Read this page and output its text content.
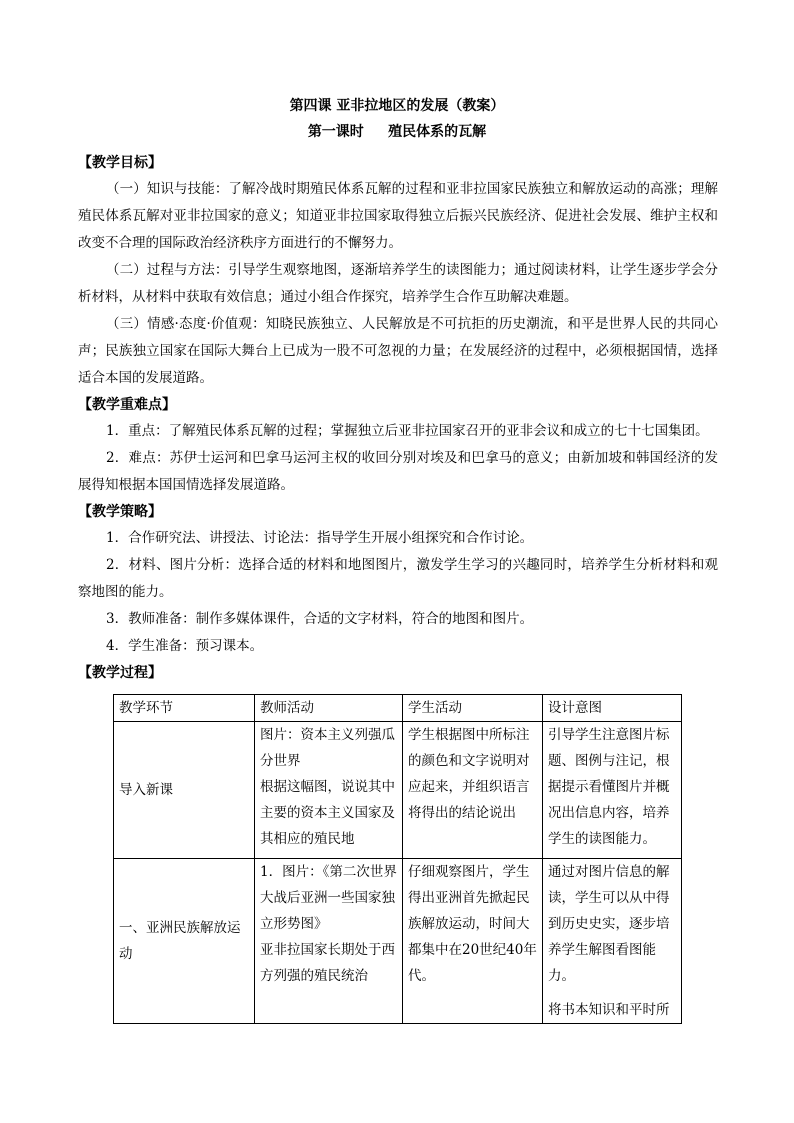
第四课 亚非拉地区的发展（教案）
第一课时     殖民体系的瓦解
【教学目标】

（一）知识与技能：了解冷战时期殖民体系瓦解的过程和亚非拉国家民族独立和解放运动的高涨；理解殖民体系瓦解对亚非拉国家的意义；知道亚非拉国家取得独立后振兴民族经济、促进社会发展、维护主权和改变不合理的国际政治经济秩序方面进行的不懈努力。

（二）过程与方法：引导学生观察地图，逐渐培养学生的读图能力；通过阅读材料，让学生逐步学会分析材料，从材料中获取有效信息；通过小组合作探究，培养学生合作互助解决难题。

（三）情感·态度·价值观：知晓民族独立、人民解放是不可抗拒的历史潮流，和平是世界人民的共同心声；民族独立国家在国际大舞台上已成为一股不可忽视的力量；在发展经济的过程中，必须根据国情，选择适合本国的发展道路。

【教学重难点】

1．重点：了解殖民体系瓦解的过程；掌握独立后亚非拉国家召开的亚非会议和成立的七十七国集团。

2．难点：苏伊士运河和巴拿马运河主权的收回分别对埃及和巴拿马的意义；由新加坡和韩国经济的发展得知根据本国国情选择发展道路。

【教学策略】

1．合作研究法、讲授法、讨论法：指导学生开展小组探究和合作讨论。

2．材料、图片分析：选择合适的材料和地图图片，激发学生学习的兴趣同时，培养学生分析材料和观察地图的能力。

3．教师准备：制作多媒体课件，合适的文字材料，符合的地图和图片。

4．学生准备：预习课本。

【教学过程】
教学环节	教师活动	学生活动	设计意图
导入新课	图片：资本主义列强瓜分世界
根据这幅图，说说其中主要的资本主义国家及其相应的殖民地	学生根据图中所标注的颜色和文字说明对应起来，并组织语言将得出的结论说出	引导学生注意图片标题、图例与注记，根据提示看懂图片并概况出信息内容，培养学生的读图能力。

一、亚洲民族解放运动	1．图片：《第二次世界大战后亚洲一些国家独立形势图》
亚非拉国家长期处于西方列强的殖民统治	仔细观察图片，学生得出亚洲首先掀起民族解放运动，时间大都集中在20世纪40年代。	通过对图片信息的解读，学生可以从中得到历史史实，逐步培养学生解图看图能力。
将书本知识和平时所
